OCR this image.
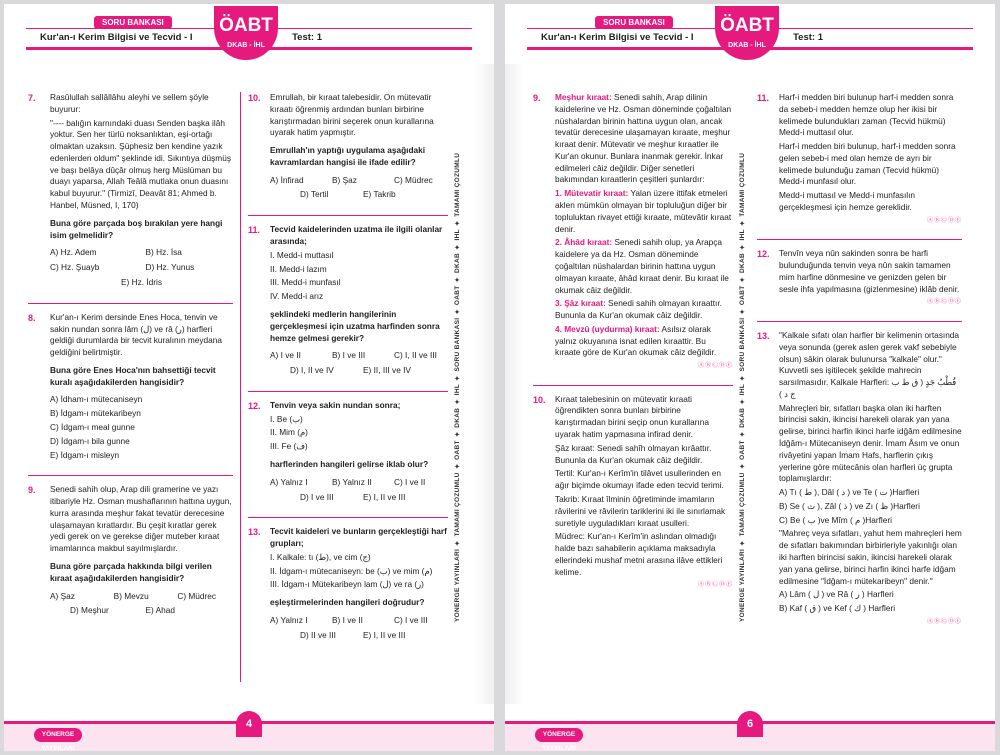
SORU BANKASI
Kur'an-ı Kerim Bilgisi ve Tecvid - I	Test: 1
ÖABT
DKAB - İHL
7. Rasûlullah sallâllâhu aleyhi ve sellem şöyle buyurur:

"---- balığın karnındaki duası Senden başka ilâh yoktur. Sen her türlü noksanlıktan, eşi-ortağı olmaktan uzaksın. Şüphesiz ben kendine yazık edenlerden oldum" şeklinde idi. Sıkıntıya düşmüş ve başı belâya dûçâr olmuş herg Müslüman bu duayı yaparsa, Allah Teâlâ mutlaka onun duasını kabul buyurur." (Tirmizî, Deavât 81; Ahmed b. Hanbel, Müsned, I, 170)

Buna göre parçada boş bırakılan yere hangi isim gelmelidir?

A) Hz. Adem	B) Hz. İsa
C) Hz. Şuayb	D) Hz. Yunus
E) Hz. İdris
8. Kur'an-ı Kerim dersinde Enes Hoca, tenvin ve sakin nundan sonra lâm (ل) ve râ (ر) harfleri geldiği durumlarda bir tecvit kuralının meydana geldiğini belirtmiştir.

Buna göre Enes Hoca'nın bahsettiği tecvit kuralı aşağıdakilerden hangisidir?

A) İdham-ı mütecaniseyn
B) İdgam-ı mütekaribeyn
C) İdgam-ı meal gunne
D) İdgam-ı bila gunne
E) İdgam-ı misleyn
9. Senedi sahih olup, Arap dili gramerine ve yazı itibariyle Hz. Osman mushaflarının hattına uygun, kurra arasında meşhur fakat tevatür derecesine ulaşamayan kıratlardır. Bu çeşit kıratlar gerek yedi gerek on ve gerekse diğer muteber kıraat imamlarınca makbul sayılmışlardır.

Buna göre parçada hakkında bilgi verilen kıraat aşağıdakilerden hangisidir?

A) Şaz	B) Mevzu	C) Müdrec
D) Meşhur	E) Ahad
10. Emrullah, bir kıraat talebesidir. On mütevatir kıraatı öğrenmiş ardından bunları birbirine karıştırmadan birini seçerek onun kurallarına uyarak hatim yapmıştır.

Emrullah'ın yaptığı uygulama aşağıdaki kavramlardan hangisi ile ifade edilir?

A) İnfirad	B) Şaz	C) Müdrec
D) Tertil	E) Takrib
11. Tecvid kaidelerinden uzatma ile ilgili olanlar arasında;

I. Medd-i muttasıl
II. Medd-i lazım
III. Medd-i munfasıl
IV. Medd-i arız

şeklindeki medlerin hangilerinin gerçekleşmesi için uzatma harfinden sonra hemze gelmesi gerekir?

A) I ve II	B) I ve III	C) I, II ve III
D) I, II ve IV	E) II, III ve IV
12. Tenvin veya sakin nundan sonra;

I. Be (ب)
II. Mim (م)
III. Fe (ف)

harflerinden hangileri gelirse iklab olur?

A) Yalnız I	B) Yalnız II	C) I ve II
D) I ve III	E) I, II ve III
13. Tecvit kaideleri ve bunların gerçekleştiği harf grupları;

I. Kalkale: tı (ط), ve cim (ج)
II. İdgam-ı mütecaniseyn: be (ب) ve mim (م)
III. İdgam-ı Mütekaribeyn lam (ل) ve ra (ر)

eşleştirmelerinden hangileri doğrudur?

A) Yalnız I	B) I ve II	C) I ve III
D) II ve III	E) I, II ve III
YÖNERGE YAYINLARI ✦ TAMAMI ÇÖZÜMLÜ ✦ ÖABT ✦ DKAB ✦ İHL ✦ SORU BANKASI ✦ ÖABT ✦ DKAB ✦ İHL ✦ TAMAMI ÇÖZÜMLÜ
YÖNERGE YAYINLARI
4
SORU BANKASI
Kur'an-ı Kerim Bilgisi ve Tecvid - I	Test: 1
ÖABT
DKAB - İHL
9. Meşhur kıraat: Senedi sahih, Arap dilinin kaidelerine ve Hz. Osman döneminde çoğaltılan nüshalardan birinin hattına uygun olan, ancak tevatür derecesine ulaşamayan kıraate, meşhur kıraat denir. Mütevatir ve meşhur kıraatler ile Kur'an okunur. Bunlara inanmak gerekir. İnkar edilmeleri câiz değildir. Diğer senetleri bakımından kıraatlerin çeşitleri şunlardır:

1. Mütevatir kıraat: Yalan üzere ittifak etmeleri aklen mümkün olmayan bir topluluğun diğer bir topluluktan rivayet ettiği kıraate, mütevâtir kıraat denir.
2. Âhâd kıraat: Senedi sahih olup, ya Arapça kaidelere ya da Hz. Osman döneminde çoğaltılan nüshalardan birinin hattına uygun olmayan kıraate, âhâd kıraat denir. Bu kıraat ile okumak câiz değildir.
3. Şâz kıraat: Senedi sahih olmayan kıraattır. Bununla da Kur'an okumak câiz değildir.
4. Mevzû (uydurma) kıraat: Asılsız olarak yalnız okuyanına isnat edilen kıraattir. Bu kıraate göre de Kur'an okumak câiz değildir.
ⒶⒷⒸⒹⒺ
10. Kıraat talebesinin on mütevatir kıraati öğrendikten sonra bunları birbirine karıştırmadan birini seçip onun kurallarına uyarak hatim yapmasına infirad denir.

Şâz kıraat: Senedi sahîh olmayan kırâattır. Bununla da Kur'an okumak câiz değildir.

Tertil: Kur'an-ı Kerîm'in tilâvet usullerinden en ağır biçimde okumayı ifade eden tecvid terimi.

Takrib: Kıraat îlminin öğretiminde imamların râvilerini ve râvilerin tariklerini iki ile sınırlamak suretiyle uyguladıkları kıraat usulleri.

Müdrec: Kur'an-ı Kerîm'in aslından olmadığı halde bazı sahabilerin açıklama maksadıyla ellerindeki mushaf metni arasına ilâve ettikleri kelime.

ⒶⒷⒸⒹⒺ YÖNERGE YAYINLARI ✦ TAMAMI ÇÖZÜMLÜ ✦ ÖABT ✦ DKAB ✦ İHL ✦ SORU BANKASI ✦ ÖABT ✦ DKAB ✦ İHL ✦ TAMAMI ÇÖZÜMLÜ
11. Harf-i medden biri bulunup harf-i medden sonra da sebeb-i medden hemze olup her ikisi bir kelimede bulundukları zaman (Tecvid hükmü) Medd-i muttasıl olur.

Harf-i medden biri bulunup, harf-i medden sonra gelen sebeb-i med olan hemze de ayrı bir kelimede bulunduğu zaman (Tecvid hükmü) Medd-i munfasıl olur.

Medd-i muttasıl ve Medd-i munfasılın gerçekleşmesi için hemze gereklidir.

ⒶⒷⒸⒹⒺ
12. Tenvîn veya nûn sakinden sonra be harfi bulunduğunda tenvin veya nûn sakin tamamen mim harfine dönmesine ve genizden gelen bir sesle ihfa yapılmasına (gizlenmesine) iklâb denir.

ⒶⒷⒸⒹⒺ
13. "Kalkale sıfatı olan harfler bir kelimenin ortasında veya sonunda (gerek aslen gerek vakf sebebiyle olsun) sâkin olarak bulunursa "kalkale" olur." Kuvvetli ses işitilecek şekilde mahrecin sarsılmasıdır. Kalkale Harfleri: قُطْبُ جَدٍ ( ق ط ب ج د )

Mahreçleri bir, sıfatları başka olan iki harften birincisi sakin, ikincisi harekeli olarak yan yana gelirse, birinci harfin ikinci harfe idğâm edilmesine İdğâm-ı Mütecaniseyn denir. İmam Âsım ve onun rivâyetini yapan İmam Hafs, harflerin çıkış yerlerine göre mütecânis olan harfleri üç grupta toplamışlardır:

A) Tı ( ط ), Dâl ( د ) ve Te ( ت )Harfleri
B) Se ( ث ), Zâl ( ذ ) ve Zı ( ظ )Harfleri
C) Be ( ب )ve Mîm ( م )Harfleri

"Mahreç veya sıfatları, yahut hem mahreçleri hem de sıfatları bakımından birbirleriyle yakınlığı olan iki harften birincisi sakin, ikincisi harekeli olarak yan yana gelirse, birinci harfin ikinci harfe idğam edilmesine "İdğam-ı mütekaribeyn" denir."

A) Lâm ( ل ) ve Râ ( ر ) Harfleri
B) Kaf ( ق ) ve Kef ( ك ) Harfleri
ⒶⒷⒸⒹⒺ
YÖNERGE YAYINLARI
6
